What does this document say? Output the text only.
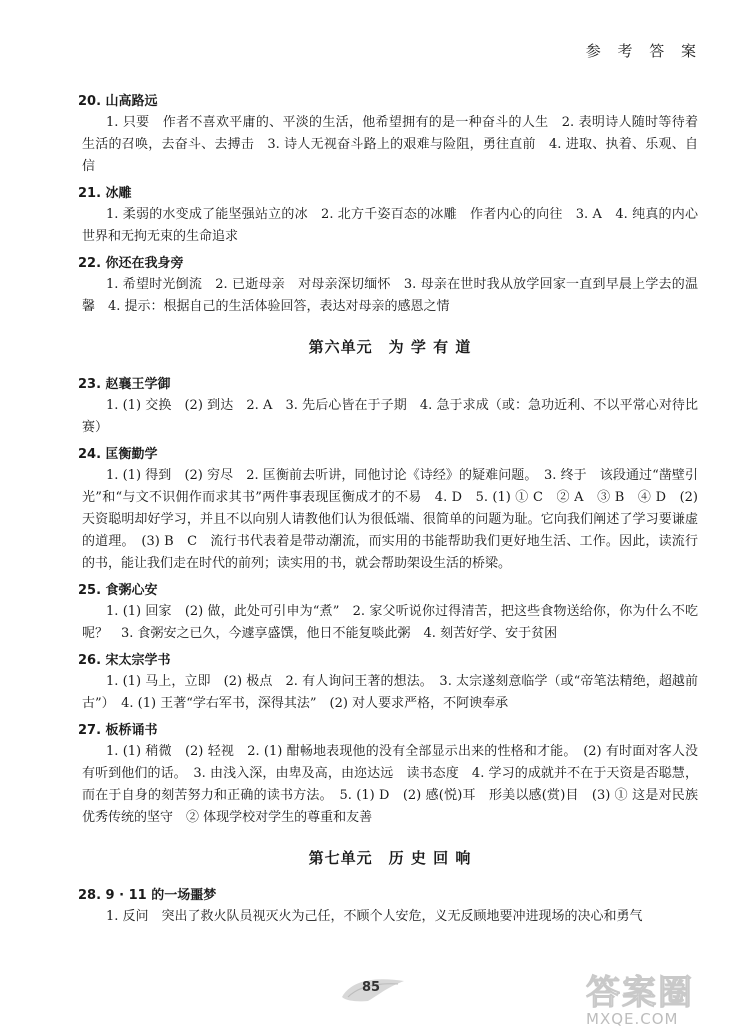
参 考 答 案
20. 山高路远
1. 只要　作者不喜欢平庸的、平淡的生活，他希望拥有的是一种奋斗的人生　2. 表明诗人随时等待着生活的召唤，去奋斗、去搏击　3. 诗人无视奋斗路上的艰难与险阻，勇往直前　4. 进取、执着、乐观、自信
21. 冰雕
1. 柔弱的水变成了能坚强站立的冰　2. 北方千姿百态的冰雕　作者内心的向往　3. A　4. 纯真的内心世界和无拘无束的生命追求
22. 你还在我身旁
1. 希望时光倒流　2. 已逝母亲　对母亲深切缅怀　3. 母亲在世时我从放学回家一直到早晨上学去的温馨　4. 提示：根据自己的生活体验回答，表达对母亲的感恩之情
第六单元　为 学 有 道
23. 赵襄王学御
1. (1) 交换　(2) 到达　2. A　3. 先后心皆在于子期　4. 急于求成（或：急功近利、不以平常心对待比赛）
24. 匡衡勤学
1. (1) 得到　(2) 穷尽　2. 匡衡前去听讲，同他讨论《诗经》的疑难问题。　3. 终于　该段通过“凿壁引光”和“与文不识佣作而求其书”两件事表现匡衡成才的不易　4. D　5. (1) ① C　② A　③ B　④ D　(2) 天资聪明却好学习，并且不以向别人请教他们认为很低端、很简单的问题为耻。它向我们阐述了学习要谦虚的道理。　(3) B　C　流行书代表着是带动潮流，而实用的书能帮助我们更好地生活、工作。因此，读流行的书，能让我们走在时代的前列；读实用的书，就会帮助架设生活的桥梁。
25. 食粥心安
1. (1) 回家　(2) 做，此处可引申为“煮”　2. 家父听说你过得清苦，把这些食物送给你，你为什么不吃呢？　3. 食粥安之已久，今遽享盛馔，他日不能复啖此粥　4. 刻苦好学、安于贫困
26. 宋太宗学书
1. (1) 马上，立即　(2) 极点　2. 有人询问王著的想法。　3. 太宗遂刻意临学（或“帝笔法精绝，超越前古”）　4. (1) 王著“学右军书，深得其法”　(2) 对人要求严格，不阿谀奉承
27. 板桥诵书
1. (1) 稍微　(2) 轻视　2. (1) 酣畅地表现他的没有全部显示出来的性格和才能。　(2) 有时面对客人没有听到他们的话。　3. 由浅入深，由卑及高，由迩达远　读书态度　4. 学习的成就并不在于天资是否聪慧，而在于自身的刻苦努力和正确的读书方法。　5. (1) D　(2) 感(悦)耳　形美以感(赏)目　(3) ① 这是对民族优秀传统的坚守　② 体现学校对学生的尊重和友善
第七单元　历 史 回 响
28. 9 · 11 的一场噩梦
1. 反问　突出了救火队员视灭火为己任，不顾个人安危，义无反顾地要冲进现场的决心和勇气
85	答案圈
MXQE.COM
